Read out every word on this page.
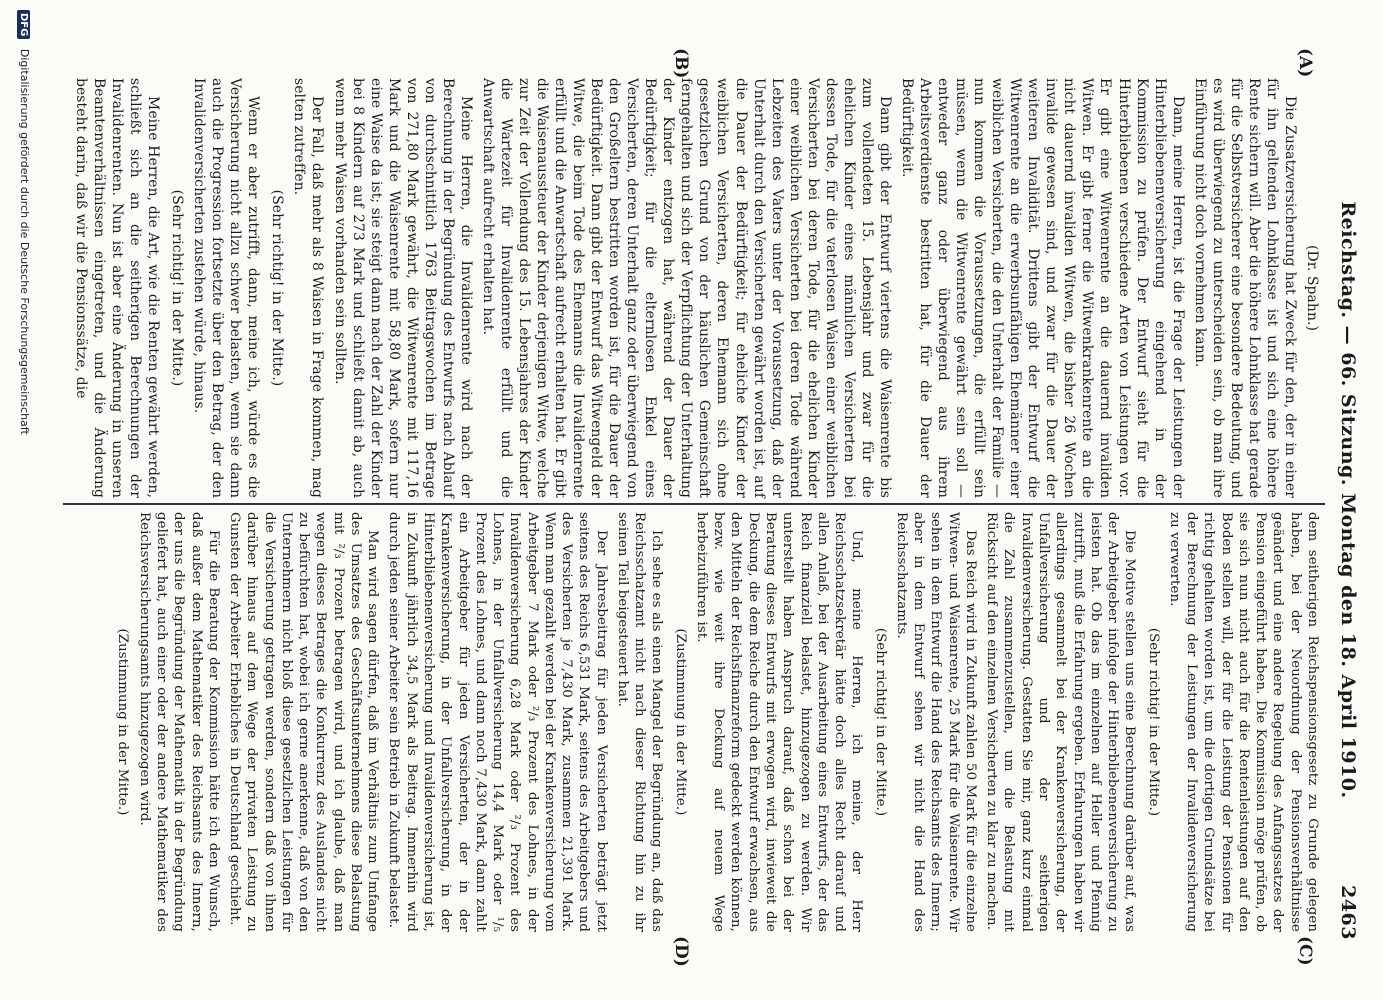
Reichstag. — 66. Sitzung. Montag den 18. April 1910.
2463
(A)
(B)
(C)
(D)

(Dr. Spahn.)

Die Zusatzversicherung hat Zweck für den, der in einer für ihn geltenden Lohnklasse ist und sich eine höhere Rente sichern will. Aber die höhere Lohnklasse hat gerade für die Selbstversicherer eine besondere Bedeutung, und es wird überwiegend zu unterscheiden sein, ob man ihre Einführung nicht doch vornehmen kann.

Dann, meine Herren, ist die Frage der Leistungen der Hinterbliebenenversicherung eingehend in der Kommission zu prüfen. Der Entwurf sieht für die Hinterbliebenen verschiedene Arten von Leistungen vor. Er gibt eine Witwenrente an die dauernd invaliden Witwen. Er gibt ferner die Witwenkrankenrente an die nicht dauernd invaliden Witwen, die bisher 26 Wochen invalide gewesen sind, und zwar für die Dauer der weiteren Invalidität. Drittens gibt der Entwurf die Witwenrente an die erwerbsunfähigen Ehemänner einer weiblichen Versicherten, die den Unterhalt der Familie — nun kommen die Voraussetzungen, die erfüllt sein müssen, wenn die Witwenrente gewährt sein soll — entweder ganz oder überwiegend aus ihrem Arbeitsverdienste bestritten hat, für die Dauer der Bedürftigkeit.

Dann gibt der Entwurf viertens die Waisenrente bis zum vollendeten 15. Lebensjahr und zwar für die ehelichen Kinder eines männlichen Versicherten bei dessen Tode, für die vaterlosen Waisen einer weiblichen Versicherten bei deren Tode, für die ehelichen Kinder einer weiblichen Versicherten bei deren Tode während Lebzeiten des Vaters unter der Voraussetzung, daß der Unterhalt durch den Versicherten gewährt worden ist, auf die Dauer der Bedürftigkeit; für eheliche Kinder der weiblichen Versicherten, deren Ehemann sich ohne gesetzlichen Grund von der häuslichen Gemeinschaft ferngehalten und sich der Verpflichtung der Unterhaltung der Kinder entzogen hat, während der Dauer der Bedürftigkeit; für die elternlosen Enkel eines Versicherten, deren Unterhalt ganz oder überwiegend von den Großeltern bestritten worden ist, für die Dauer der Bedürftigkeit. Dann gibt der Entwurf das Witwengeld der Witwe, die beim Tode des Ehemanns die Invalidenrente erfüllt und die Anwartschaft aufrecht erhalten hat. Er gibt die Waisenaussteuer der Kinder derjenigen Witwe, welche zur Zeit der Vollendung des 15. Lebensjahres der Kinder die Wartezeit für Invalidenrente erfüllt und die Anwartschaft aufrecht erhalten hat.

Meine Herren, die Invalidenrente wird nach der Berechnung in der Begründung des Entwurfs nach Ablauf von durchschnittlich 1763 Beitragswochen im Betrage von 271,80 Mark gewährt, die Witwenrente mit 117,16 Mark und die Waisenrente mit 58,80 Mark, sofern nur eine Waise da ist; sie steigt dann nach der Zahl der Kinder bei 8 Kindern auf 273 Mark und schließt damit ab, auch wenn mehr Waisen vorhanden sein sollten.

Der Fall, daß mehr als 8 Waisen in Frage kommen, mag selten zutreffen.

(Sehr richtig! in der Mitte.)

Wenn er aber zutrifft, dann, meine ich, würde es die Versicherung nicht allzu schwer belasten, wenn sie dann auch die Progression fortsetzte über den Betrag, der den Invalidenversicherten zustehen würde, hinaus.

(Sehr richtig! in der Mitte.)

Meine Herren, die Art, wie die Renten gewährt werden, schließt sich an die seitherigen Berechnungen der Invalidenrenten. Nun ist aber eine Änderung in unseren Beamtenverhältnissen eingetreten, und die Änderung besteht darin, daß wir die Pensionssätze, die

dem seitherigen Reichspensionsgesetz zu Grunde gelegen haben, bei der Neuordnung der Pensionsverhältnisse geändert und eine andere Regelung des Anfangssatzes der Pension eingeführt haben. Die Kommission möge prüfen, ob sie sich nun nicht auch für die Rentenleistungen auf den Boden stellen will, der für die Leistung der Pensionen für richtig gehalten worden ist, um die dortigen Grundsätze bei der Berechnung der Leistungen der Invalidenversicherung zu verwerten.

(Sehr richtig! in der Mitte.)

Die Motive stellen uns eine Berechnung darüber auf, was der Arbeitgeber infolge der Hinterbliebenenversicherung zu leisten hat. Ob das im einzelnen auf Heller und Pfennig zutrifft, muß die Erfahrung ergeben. Erfahrungen haben wir allerdings gesammelt bei der Krankenversicherung, der Unfallversicherung und der seitherigen Invalidenversicherung. Gestatten Sie mir, ganz kurz einmal die Zahl zusammenzustellen, um die Belastung mit Rücksicht auf den einzelnen Versicherten zu klar zu machen.

Das Reich wird in Zukunft zahlen 50 Mark für die einzelne Witwen- und Waisenrente, 25 Mark für die Waisenrente. Wir sehen in dem Entwurf die Hand des Reichsamts des Innern; aber in dem Entwurf sehen wir nicht die Hand des Reichsschatzamts.

(Sehr richtig! in der Mitte.)

Und, meine Herren, ich meine, der Herr Reichsschatzsekretär hätte doch alles Recht darauf und allen Anlaß, bei der Ausarbeitung eines Entwurfs, der das Reich finanziell belastet, hinzugezogen zu werden. Wir unterstellt haben Anspruch darauf, daß schon bei der Beratung dieses Entwurfs mit erwogen wird, inwieweit die Deckung, die dem Reiche durch den Entwurf erwachsen, aus den Mitteln der Reichsfinanzreform gedeckt werden können, bezw. wie weit ihre Deckung auf neuem Wege herbeizuführen ist.

(Zustimmung in der Mitte.)

Ich sehe es als einen Mangel der Begründung an, daß das Reichsschatzamt nicht nach dieser Richtung hin zu ihr seinen Teil beigesteuert hat.

Der Jahresbeitrag für jeden Versicherten beträgt jetzt seitens des Reichs 6,531 Mark, seitens des Arbeitgebers und des Versicherten je 7,430 Mark, zusammen 21,391 Mark. Wenn man gezahlt werden bei der Krankenversicherung vom Arbeitgeber 7 Mark oder ²/₃ Prozent des Lohnes, in der Invalidenversicherung 6,28 Mark oder ²/₃ Prozent des Lohnes, in der Unfallversicherung 14,4 Mark oder ¹/₅ Prozent des Lohnes, und dann noch 7,430 Mark, dann zahlt ein Arbeitgeber für jeden Versicherten, der in der Krankenversicherung, in der Unfallversicherung, in der Hinterbliebenenversicherung und Invalidenversicherung ist, in Zukunft jährlich 34,5 Mark als Beitrag. Immerhin wird durch jeden seiner Arbeiter sein Betrieb in Zukunft belastet.

Man wird sagen dürfen, daß im Verhältnis zum Umfange des Umsatzes des Geschäftsunternehmens diese Belastung mit ²/₃ Prozent betragen wird, und ich glaube, daß man wegen dieses Betrages die Konkurrenz des Auslandes nicht zu befürchten hat, wobei ich gerne anerkenne, daß von den Unternehmern nicht bloß diese gesetzlichen Leistungen für die Versicherung getragen werden, sondern daß von ihnen darüber hinaus auf dem Wege der privaten Leistung zu Gunsten der Arbeiter Erhebliches in Deutschland geschieht.

Für die Beratung der Kommission hätte ich den Wunsch, daß außer dem Mathematiker des Reichsamts des Innern, der uns die Begründung der Mathematik in der Begründung geliefert hat, auch einer oder der andere Mathematiker des Reichsversicherungsamts hinzugezogen wird.

(Zustimmung in der Mitte.)

DFG Digitalisierung gefördert durch die Deutsche Forschungsgemeinschaft
